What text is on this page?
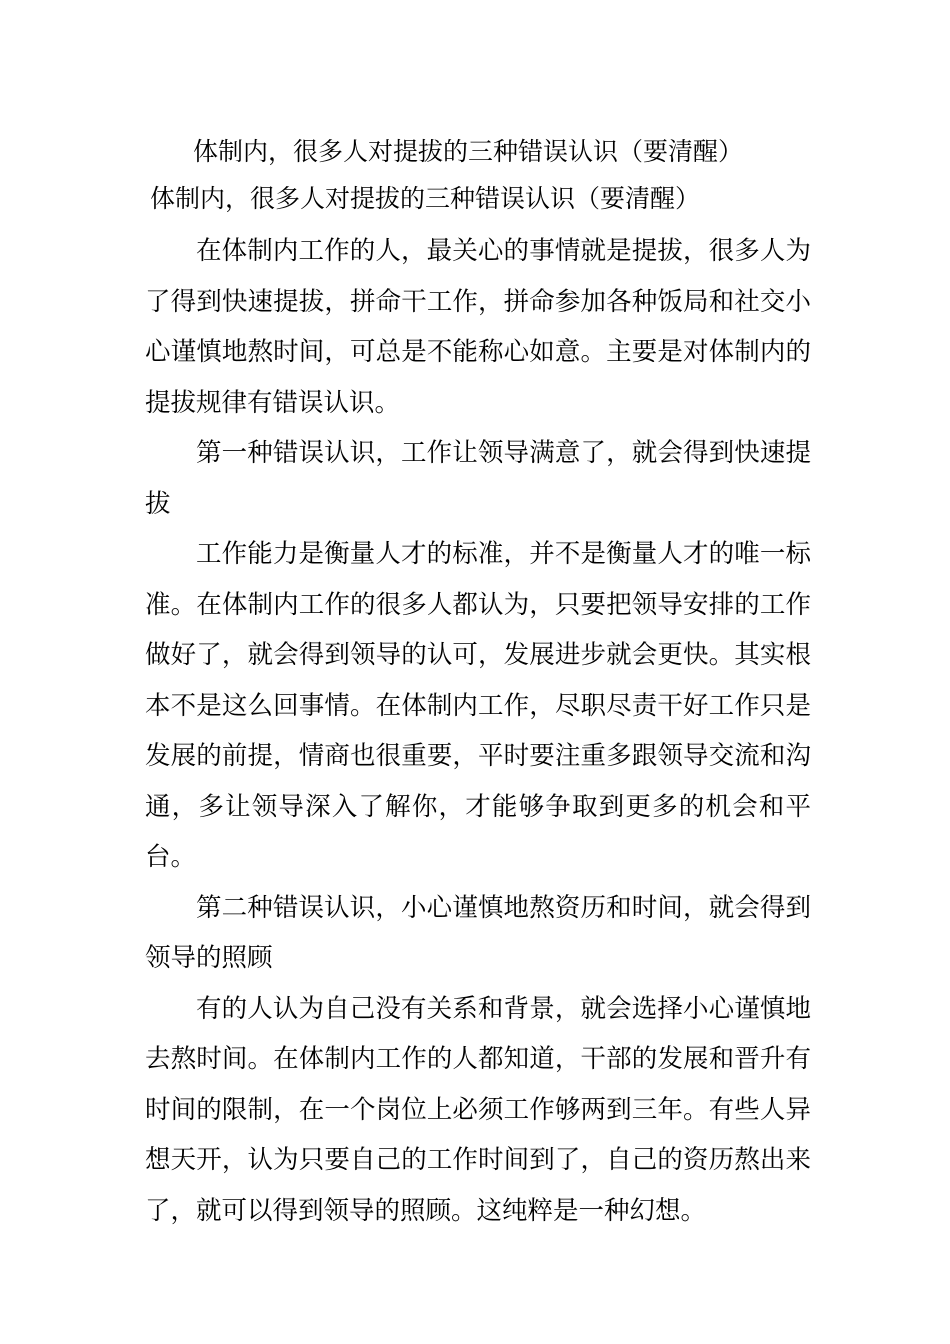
体制内，很多人对提拔的三种错误认识（要清醒）
体制内，很多人对提拔的三种错误认识（要清醒）

在体制内工作的人，最关心的事情就是提拔，很多人为了得到快速提拔，拼命干工作，拼命参加各种饭局和社交小心谨慎地熬时间，可总是不能称心如意。主要是对体制内的提拔规律有错误认识。

第一种错误认识，工作让领导满意了，就会得到快速提拔

工作能力是衡量人才的标准，并不是衡量人才的唯一标准。在体制内工作的很多人都认为，只要把领导安排的工作做好了，就会得到领导的认可，发展进步就会更快。其实根本不是这么回事情。在体制内工作，尽职尽责干好工作只是发展的前提，情商也很重要，平时要注重多跟领导交流和沟通，多让领导深入了解你，才能够争取到更多的机会和平台。

第二种错误认识，小心谨慎地熬资历和时间，就会得到领导的照顾

有的人认为自己没有关系和背景，就会选择小心谨慎地去熬时间。在体制内工作的人都知道，干部的发展和晋升有时间的限制，在一个岗位上必须工作够两到三年。有些人异想天开，认为只要自己的工作时间到了，自己的资历熬出来了，就可以得到领导的照顾。这纯粹是一种幻想。
